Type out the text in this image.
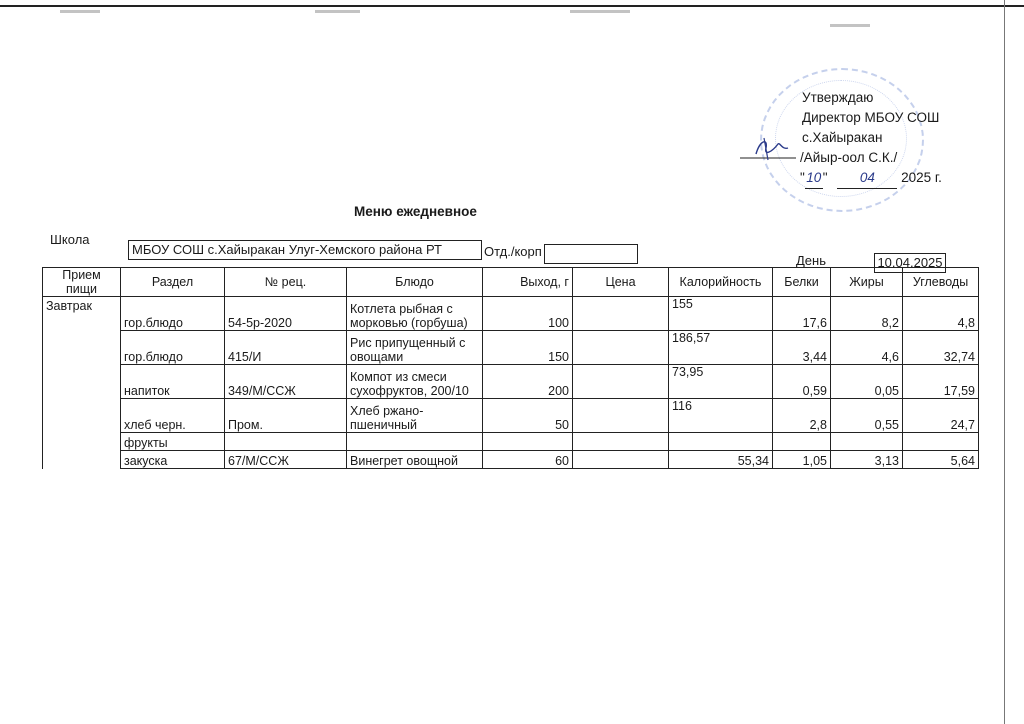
Утверждаю
Директор МБОУ СОШ
с.Хайыракан
/Айыр-оол С.К./
"10" 04 2025 г.
Меню ежедневное
Школа
МБОУ СОШ с.Хайыракан Улуг-Хемского района РТ	Отд./корп
День	10.04.2025
Прием пищи	Раздел	№ рец.	Блюдо	Выход, г	Цена	Калорийность	Белки	Жиры	Углеводы
Завтрак	гор.блюдо	54-5р-2020	Котлета рыбная с морковью (горбуша)	100		155	17,6	8,2	4,8
	гор.блюдо	415/И	Рис припущенный с овощами	150		186,57	3,44	4,6	32,74
	напиток	349/М/ССЖ	Компот из смеси сухофруктов, 200/10	200		73,95	0,59	0,05	17,59
	хлеб черн.	Пром.	Хлеб ржано-пшеничный	50		116	2,8	0,55	24,7
	фрукты								
	закуска	67/М/ССЖ	Винегрет овощной	60		55,34	1,05	3,13	5,64
